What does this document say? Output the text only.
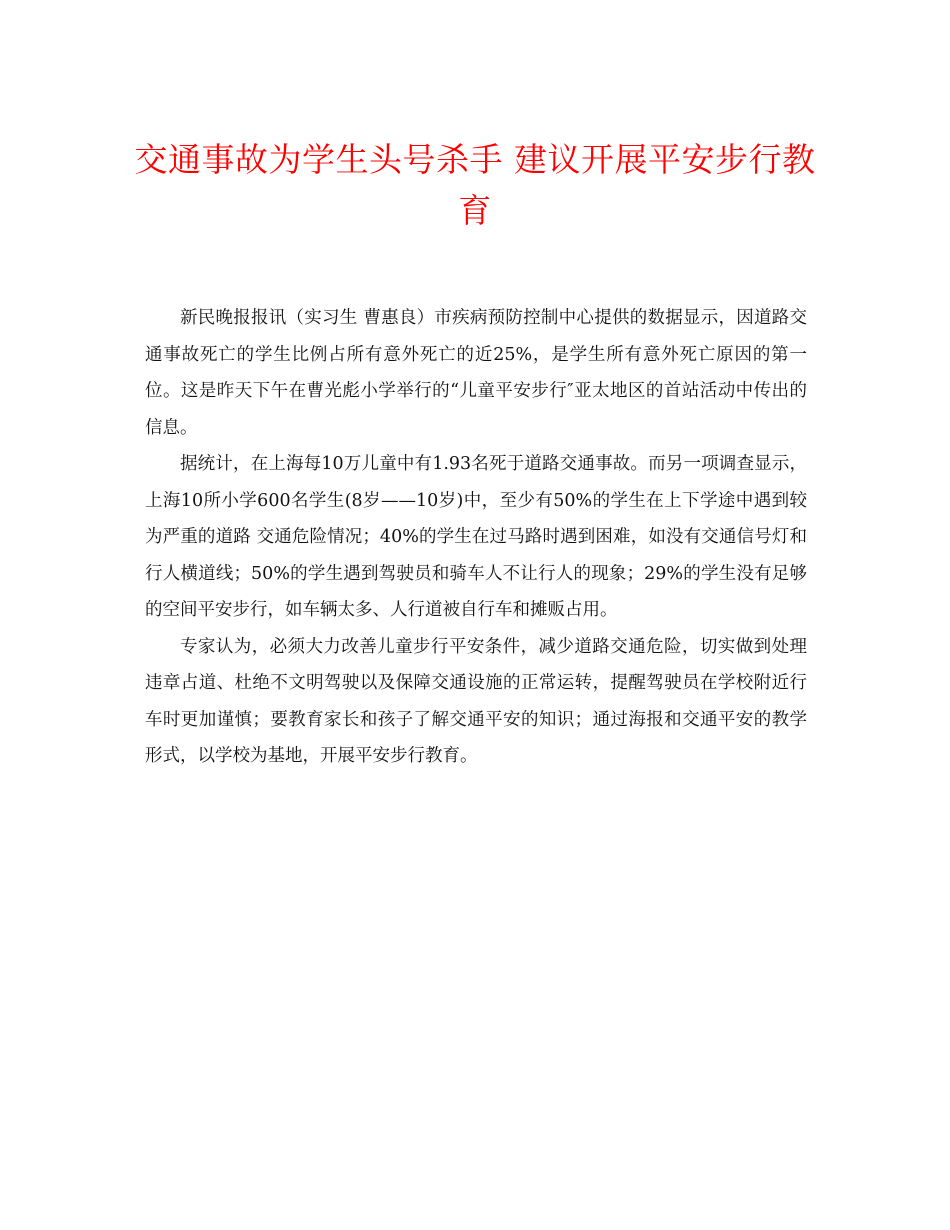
交通事故为学生头号杀手 建议开展平安步行教育

新民晚报报讯（实习生 曹惠良）市疾病预防控制中心提供的数据显示，因道路交通事故死亡的学生比例占所有意外死亡的近25%，是学生所有意外死亡原因的第一位。这是昨天下午在曹光彪小学举行的“儿童平安步行″亚太地区的首站活动中传出的信息。

据统计，在上海每10万儿童中有1.93名死于道路交通事故。而另一项调查显示，上海10所小学600名学生(8岁——10岁)中，至少有50%的学生在上下学途中遇到较为严重的道路 交通危险情况；40%的学生在过马路时遇到困难，如没有交通信号灯和行人横道线；50%的学生遇到驾驶员和骑车人不让行人的现象；29%的学生没有足够的空间平安步行，如车辆太多、人行道被自行车和摊贩占用。

专家认为，必须大力改善儿童步行平安条件，减少道路交通危险，切实做到处理违章占道、杜绝不文明驾驶以及保障交通设施的正常运转，提醒驾驶员在学校附近行车时更加谨慎；要教育家长和孩子了解交通平安的知识；通过海报和交通平安的教学形式，以学校为基地，开展平安步行教育。
